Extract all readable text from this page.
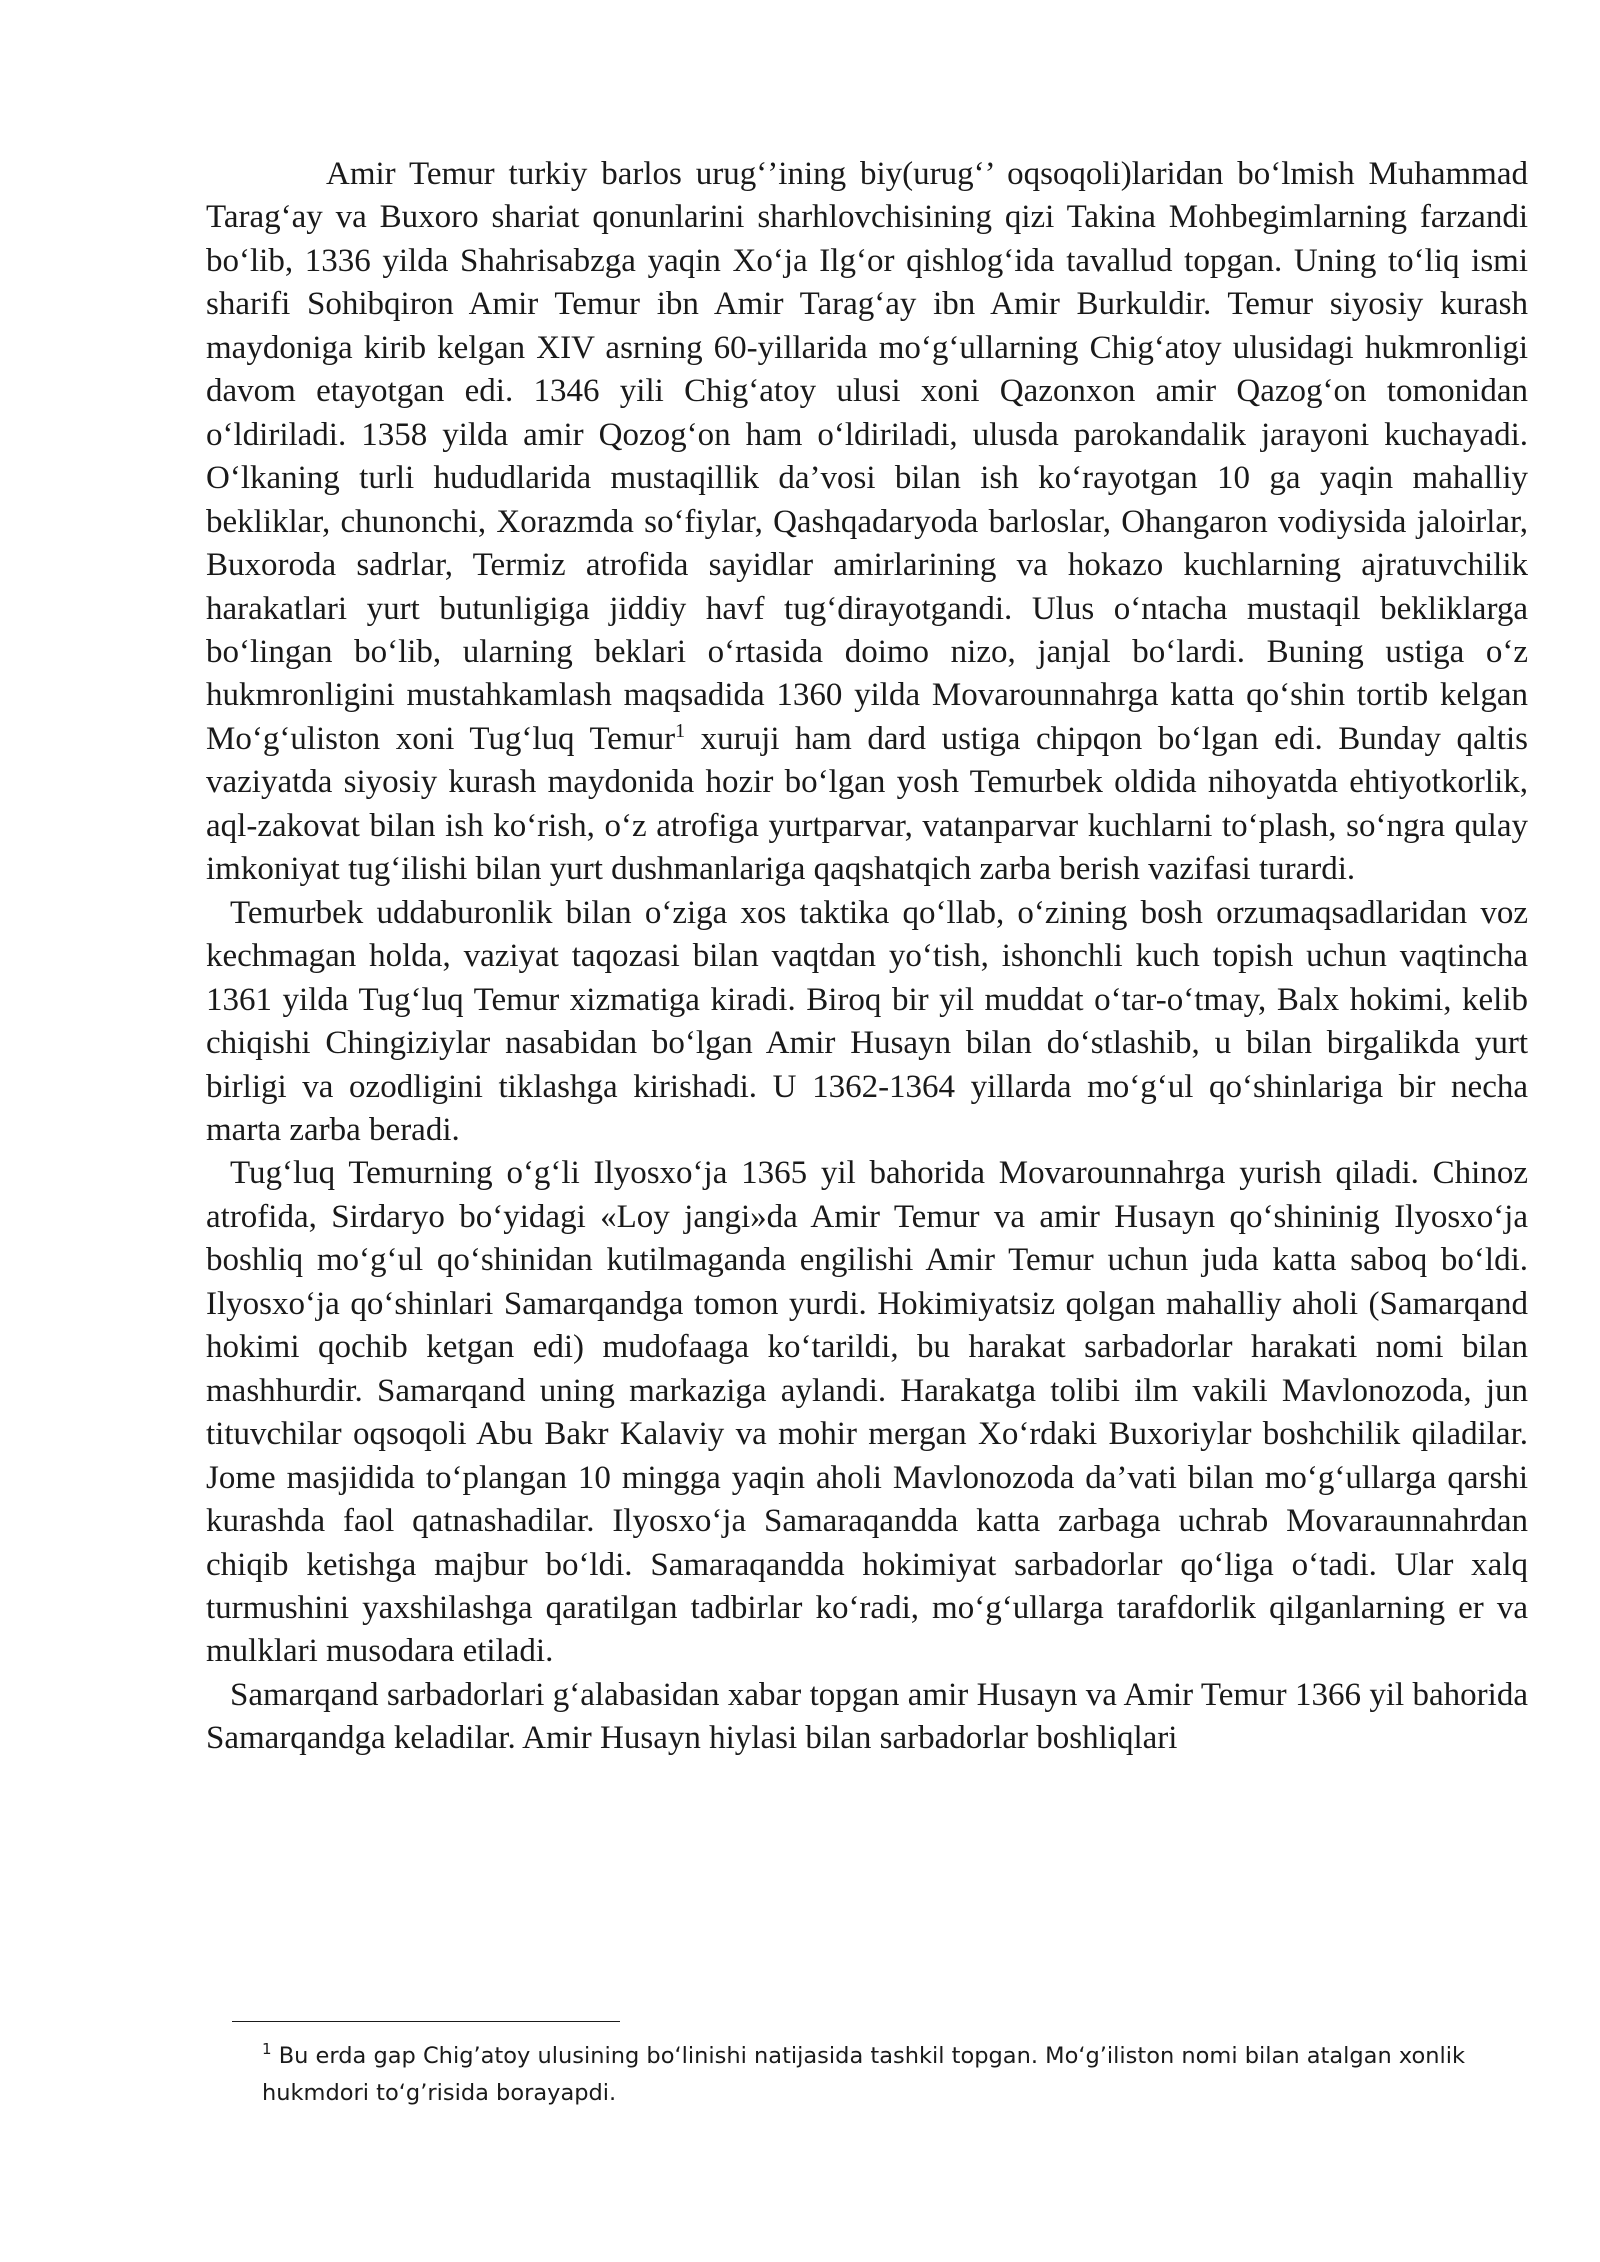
Amir Temur turkiy barlos urug‘’ining biy(urug‘’ oqsoqoli)laridan bo‘lmish Muhammad Tarag‘ay va Buxoro shariat qonunlarini sharhlovchisining qizi Takina Mohbegimlarning farzandi bo‘lib, 1336 yilda Shahrisabzga yaqin Xo‘ja Ilg‘or qishlog‘ida tavallud topgan. Uning to‘liq ismi sharifi Sohibqiron Amir Temur ibn Amir Tarag‘ay ibn Amir Burkuldir. Temur siyosiy kurash maydoniga kirib kelgan XIV asrning 60-yillarida mo‘g‘ullarning Chig‘atoy ulusidagi hukmronligi davom etayotgan edi. 1346 yili Chig‘atoy ulusi xoni Qazonxon amir Qazog‘on tomonidan o‘ldiriladi. 1358 yilda amir Qozog‘on ham o‘ldiriladi, ulusda parokandalik jarayoni kuchayadi. O‘lkaning turli hududlarida mustaqillik da’vosi bilan ish ko‘rayotgan 10 ga yaqin mahalliy bekliklar, chunonchi, Xorazmda so‘fiylar, Qashqadaryoda barloslar, Ohangaron vodiysida jaloirlar, Buxoroda sadrlar, Termiz atrofida sayidlar amirlarining va hokazo kuchlarning ajratuvchilik harakatlari yurt butunligiga jiddiy havf tug‘dirayotgandi. Ulus o‘ntacha mustaqil bekliklarga bo‘lingan bo‘lib, ularning beklari o‘rtasida doimo nizo, janjal bo‘lardi. Buning ustiga o‘z hukmronligini mustahkamlash maqsadida 1360 yilda Movarounnahrga katta qo‘shin tortib kelgan Mo‘g‘uliston xoni Tug‘luq Temur$^1$ xuruji ham dard ustiga chipqon bo‘lgan edi. Bunday qaltis vaziyatda siyosiy kurash maydonida hozir bo‘lgan yosh Temurbek oldida nihoyatda ehtiyotkorlik, aql-zakovat bilan ish ko‘rish, o‘z atrofiga yurtparvar, vatanparvar kuchlarni to‘plash, so‘ngra qulay imkoniyat tug‘ilishi bilan yurt dushmanlariga qaqshatqich zarba berish vazifasi turardi.

Temurbek uddaburonlik bilan o‘ziga xos taktika qo‘llab, o‘zining bosh orzumaqsadlaridan voz kechmagan holda, vaziyat taqozasi bilan vaqtdan yo‘tish, ishonchli kuch topish uchun vaqtincha 1361 yilda Tug‘luq Temur xizmatiga kiradi. Biroq bir yil muddat o‘tar-o‘tmay, Balx hokimi, kelib chiqishi Chingiziylar nasabidan bo‘lgan Amir Husayn bilan do‘stlashib, u bilan birgalikda yurt birligi va ozodligini tiklashga kirishadi. U 1362-1364 yillarda mo‘g‘ul qo‘shinlariga bir necha marta zarba beradi.

Tug‘luq Temurning o‘g‘li Ilyosxo‘ja 1365 yil bahorida Movarounnahrga yurish qiladi. Chinoz atrofida, Sirdaryo bo‘yidagi «Loy jangi»da Amir Temur va amir Husayn qo‘shininig Ilyosxo‘ja boshliq mo‘g‘ul qo‘shinidan kutilmaganda engilishi Amir Temur uchun juda katta saboq bo‘ldi. Ilyosxo‘ja qo‘shinlari Samarqandga tomon yurdi. Hokimiyatsiz qolgan mahalliy aholi (Samarqand hokimi qochib ketgan edi) mudofaaga ko‘tarildi, bu harakat sarbadorlar harakati nomi bilan mashhurdir. Samarqand uning markaziga aylandi. Harakatga tolibi ilm vakili Mavlonozoda, jun tituvchilar oqsoqoli Abu Bakr Kalaviy va mohir mergan Xo‘rdaki Buxoriylar boshchilik qiladilar. Jome masjidida to‘plangan 10 mingga yaqin aholi Mavlonozoda da’vati bilan mo‘g‘ullarga qarshi kurashda faol qatnashadilar. Ilyosxo‘ja Samaraqandda katta zarbaga uchrab Movaraunnahrdan chiqib ketishga majbur bo‘ldi. Samaraqandda hokimiyat sarbadorlar qo‘liga o‘tadi. Ular xalq turmushini yaxshilashga qaratilgan tadbirlar ko‘radi, mo‘g‘ullarga tarafdorlik qilganlarning er va mulklari musodara etiladi.

Samarqand sarbadorlari g‘alabasidan xabar topgan amir Husayn va Amir Temur 1366 yil bahorida Samarqandga keladilar. Amir Husayn hiylasi bilan sarbadorlar boshliqlari

$^1$ Bu erda gap Chig’atoy ulusining bo‘linishi natijasida tashkil topgan. Mo‘g’iliston nomi bilan atalgan xonlik hukmdori to‘g’risida borayapdi.
